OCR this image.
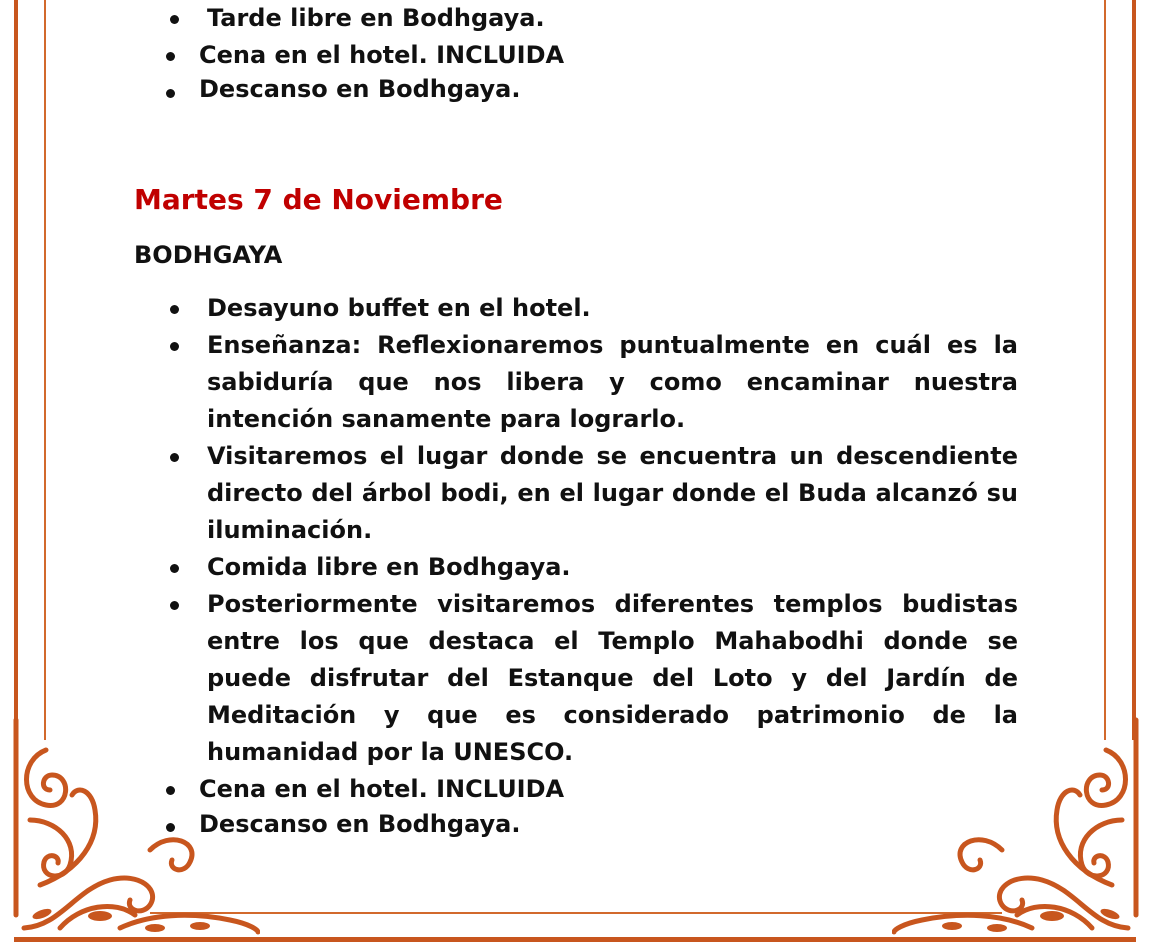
Tarde libre en Bodhgaya.
Cena en el hotel. INCLUIDA
Descanso en Bodhgaya.
Martes 7 de Noviembre
BODHGAYA
Desayuno buffet en el hotel.
Enseñanza: Reflexionaremos puntualmente en cuál es la sabiduría que nos libera y como encaminar nuestra intención sanamente para lograrlo.
Visitaremos el lugar donde se encuentra un descendiente directo del árbol bodi, en el lugar donde el Buda alcanzó su iluminación.
Comida libre en Bodhgaya.
Posteriormente visitaremos diferentes templos budistas entre los que destaca el Templo Mahabodhi donde se puede disfrutar del Estanque del Loto y del Jardín de Meditación y que es considerado patrimonio de la humanidad por la UNESCO.
Cena en el hotel. INCLUIDA
Descanso en Bodhgaya.
